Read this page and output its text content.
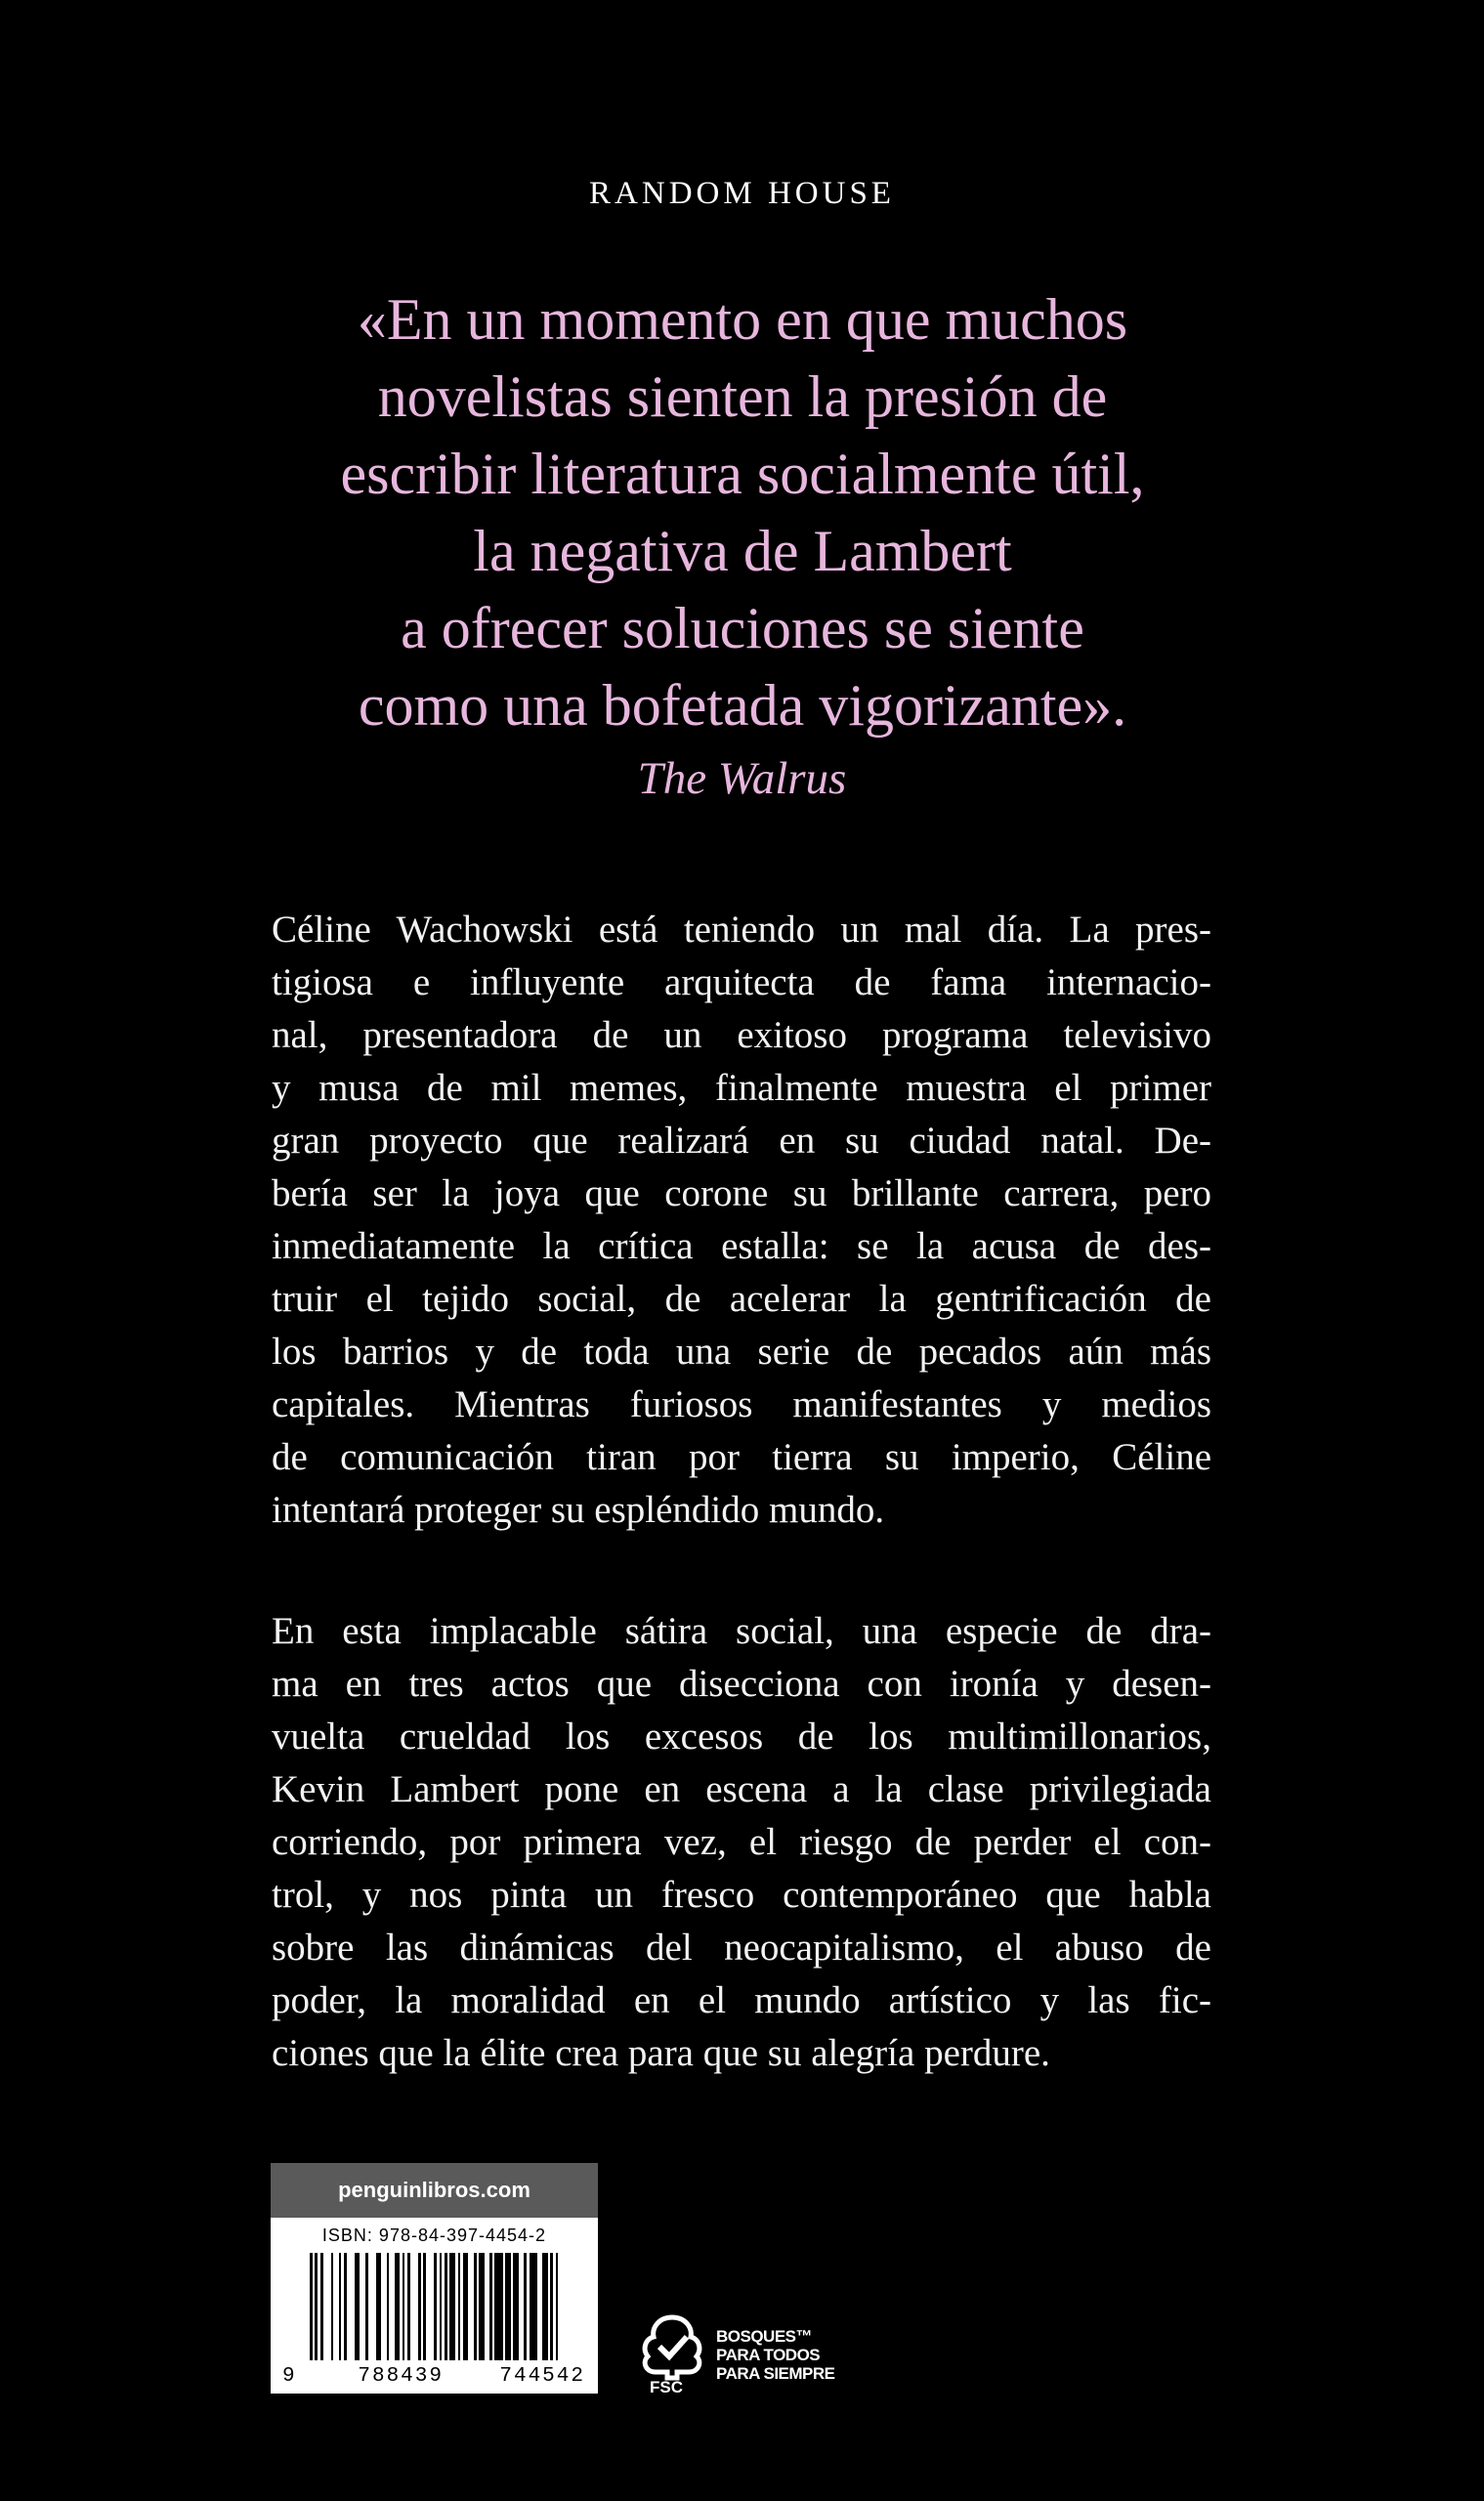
RANDOM HOUSE
«En un momento en que muchos
novelistas sienten la presión de
escribir literatura socialmente útil,
la negativa de Lambert
a ofrecer soluciones se siente
como una bofetada vigorizante».
The Walrus
Céline Wachowski está teniendo un mal día. La pres-
tigiosa e influyente arquitecta de fama internacio-
nal, presentadora de un exitoso programa televisivo
y musa de mil memes, finalmente muestra el primer
gran proyecto que realizará en su ciudad natal. De-
bería ser la joya que corone su brillante carrera, pero
inmediatamente la crítica estalla: se la acusa de des-
truir el tejido social, de acelerar la gentrificación de
los barrios y de toda una serie de pecados aún más
capitales. Mientras furiosos manifestantes y medios
de comunicación tiran por tierra su imperio, Céline
intentará proteger su espléndido mundo.
En esta implacable sátira social, una especie de dra-
ma en tres actos que disecciona con ironía y desen-
vuelta crueldad los excesos de los multimillonarios,
Kevin Lambert pone en escena a la clase privilegiada
corriendo, por primera vez, el riesgo de perder el con-
trol, y nos pinta un fresco contemporáneo que habla
sobre las dinámicas del neocapitalismo, el abuso de
poder, la moralidad en el mundo artístico y las fic-
ciones que la élite crea para que su alegría perdure.
penguinlibros.com
ISBN: 978-84-397-4454-2
9	788439	744542
BOSQUES™
PARA TODOS
PARA SIEMPRE
FSC
